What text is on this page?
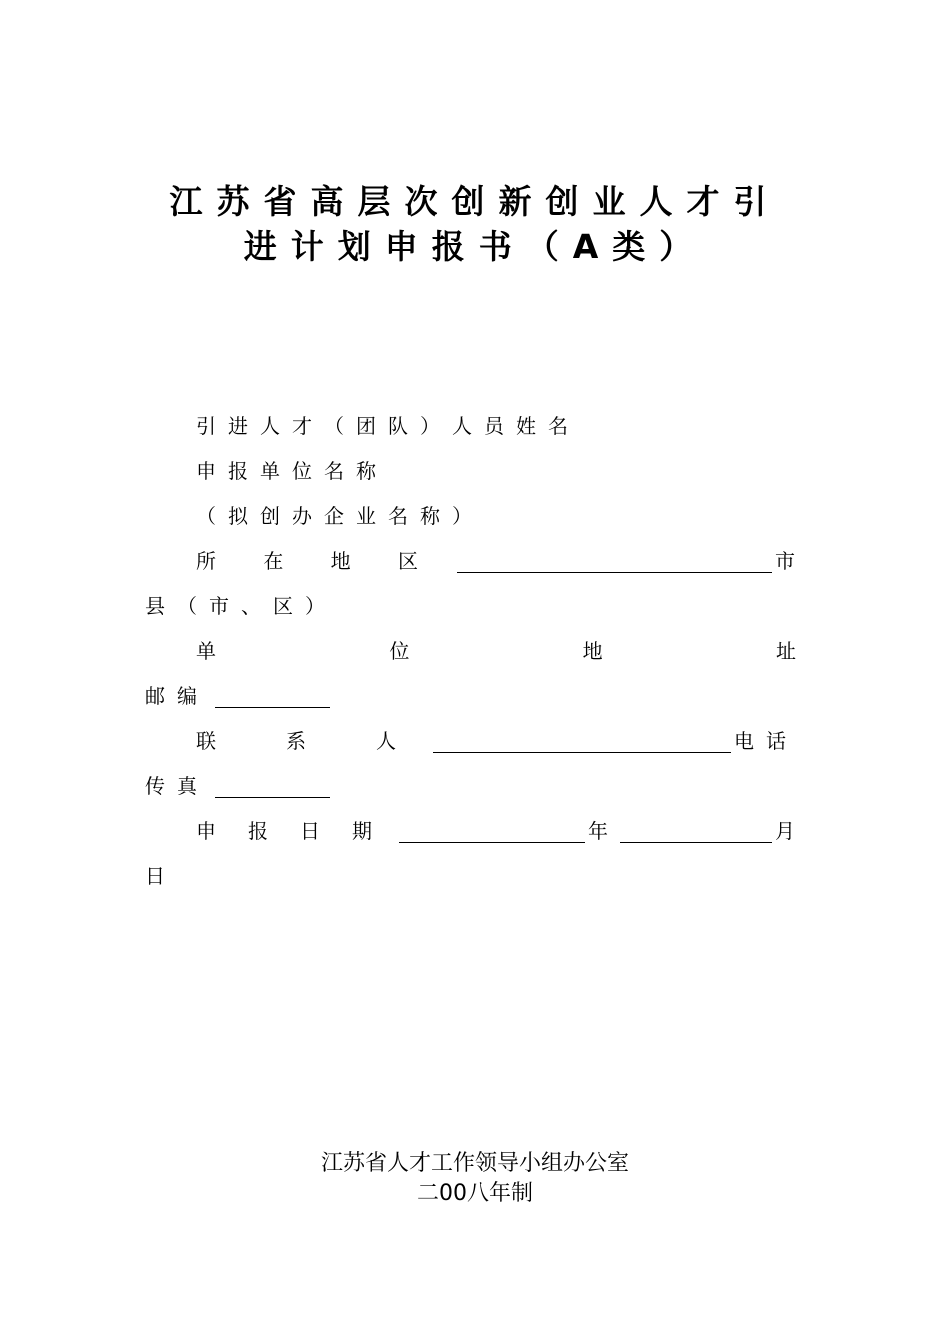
江苏省高层次创新创业人才引
进计划申报书（A类）
引进人才（团队）人员姓名
申报单位名称
（拟创办企业名称）
所 在 地 区	市
县（市、区）
单	位	地	址
邮编
联	系	人	电话
传真
申 报 日 期	年	月
日
江苏省人才工作领导小组办公室
二00八年制
